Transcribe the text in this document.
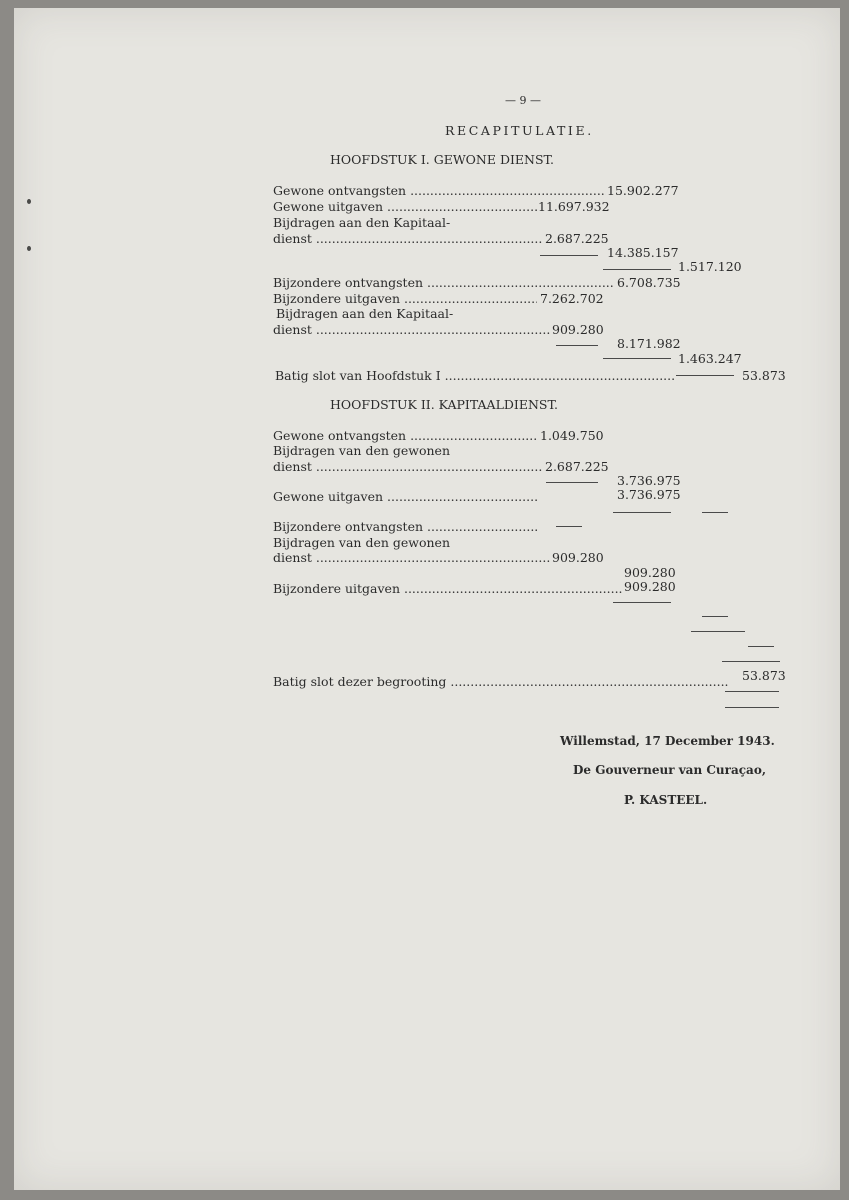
— 9 —
RECAPITULATIE.
HOOFDSTUK I. GEWONE DIENST.
Gewone ontvangsten .....	15.902.277
Gewone uitgaven .....	11.697.932
Bijdragen aan den Kapitaal-
dienst .....	2.687.225
14.385.157
1.517.120
Bijzondere ontvangsten .....	6.708.735
Bijzondere uitgaven .....	7.262.702
Bijdragen aan den Kapitaal-
dienst .....	909.280
8.171.982
1.463.247
Batig slot van Hoofdstuk I .....	53.873
HOOFDSTUK II. KAPITAALDIENST.
Gewone ontvangsten .....	1.049.750
Bijdragen van den gewonen
dienst .....	2.687.225
3.736.975
Gewone uitgaven .....	3.736.975
Bijzondere ontvangsten .....
Bijdragen van den gewonen
dienst .....	909.280
909.280
Bijzondere uitgaven .....	909.280
Batig slot dezer begrooting .....	53.873
Willemstad, 17 December 1943.
De Gouverneur van Curaçao,
P. KASTEEL.
